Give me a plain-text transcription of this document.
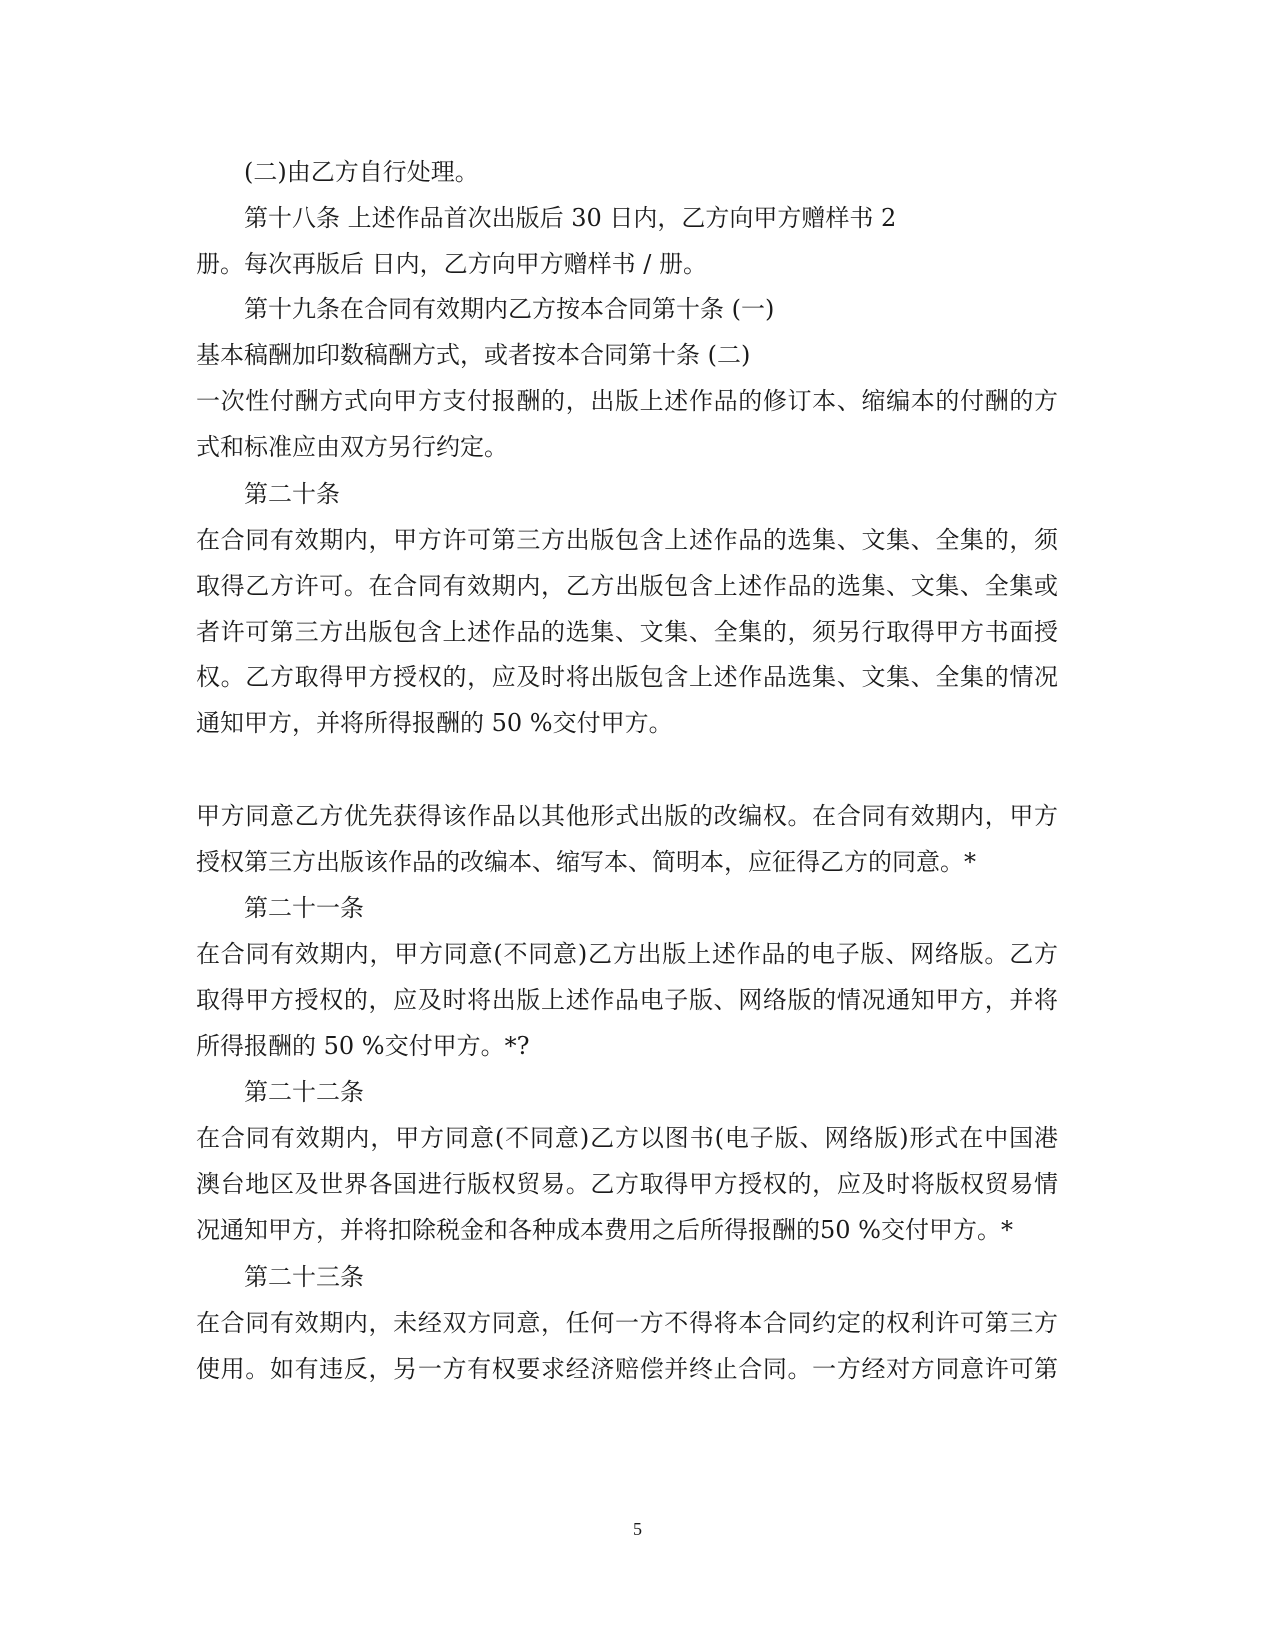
(二)由乙方自行处理。

第十八条 上述作品首次出版后 30 日内，乙方向甲方赠样书 2

册。每次再版后 日内，乙方向甲方赠样书 / 册。

第十九条在合同有效期内乙方按本合同第十条 (一)

基本稿酬加印数稿酬方式，或者按本合同第十条 (二)

一次性付酬方式向甲方支付报酬的，出版上述作品的修订本、缩编本的付酬的方

式和标准应由双方另行约定。

第二十条

在合同有效期内，甲方许可第三方出版包含上述作品的选集、文集、全集的，须

取得乙方许可。在合同有效期内，乙方出版包含上述作品的选集、文集、全集或

者许可第三方出版包含上述作品的选集、文集、全集的，须另行取得甲方书面授

权。乙方取得甲方授权的，应及时将出版包含上述作品选集、文集、全集的情况

通知甲方，并将所得报酬的 50 %交付甲方。

甲方同意乙方优先获得该作品以其他形式出版的改编权。在合同有效期内，甲方

授权第三方出版该作品的改编本、缩写本、简明本，应征得乙方的同意。*

第二十一条

在合同有效期内，甲方同意(不同意)乙方出版上述作品的电子版、网络版。乙方

取得甲方授权的，应及时将出版上述作品电子版、网络版的情况通知甲方，并将

所得报酬的 50 %交付甲方。*?

第二十二条

在合同有效期内，甲方同意(不同意)乙方以图书(电子版、网络版)形式在中国港

澳台地区及世界各国进行版权贸易。乙方取得甲方授权的，应及时将版权贸易情

况通知甲方，并将扣除税金和各种成本费用之后所得报酬的50 %交付甲方。*

第二十三条

在合同有效期内，未经双方同意，任何一方不得将本合同约定的权利许可第三方

使用。如有违反，另一方有权要求经济赔偿并终止合同。一方经对方同意许可第

5
